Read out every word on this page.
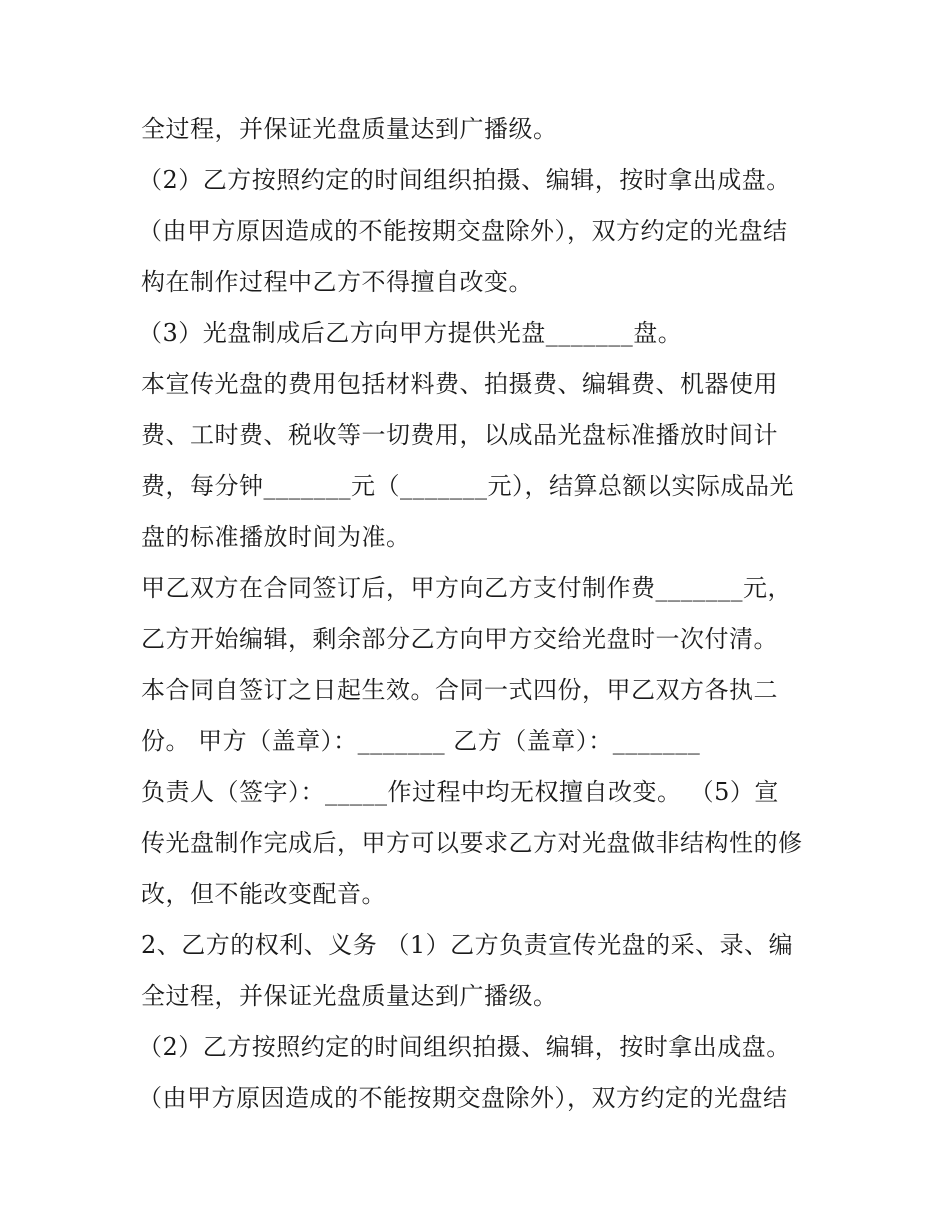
全过程，并保证光盘质量达到广播级。
（2）乙方按照约定的时间组织拍摄、编辑，按时拿出成盘。
（由甲方原因造成的不能按期交盘除外），双方约定的光盘结
构在制作过程中乙方不得擅自改变。
（3）光盘制成后乙方向甲方提供光盘_______盘。
本宣传光盘的费用包括材料费、拍摄费、编辑费、机器使用
费、工时费、税收等一切费用，以成品光盘标准播放时间计
费，每分钟_______元（_______元），结算总额以实际成品光
盘的标准播放时间为准。
甲乙双方在合同签订后，甲方向乙方支付制作费_______元，
乙方开始编辑，剩余部分乙方向甲方交给光盘时一次付清。
本合同自签订之日起生效。合同一式四份，甲乙双方各执二
份。 甲方（盖章）：_______ 乙方（盖章）：_______
负责人（签字）：_____作过程中均无权擅自改变。 （5）宣
传光盘制作完成后，甲方可以要求乙方对光盘做非结构性的修
改，但不能改变配音。
2、乙方的权利、义务 （1）乙方负责宣传光盘的采、录、编
全过程，并保证光盘质量达到广播级。
（2）乙方按照约定的时间组织拍摄、编辑，按时拿出成盘。
（由甲方原因造成的不能按期交盘除外），双方约定的光盘结
